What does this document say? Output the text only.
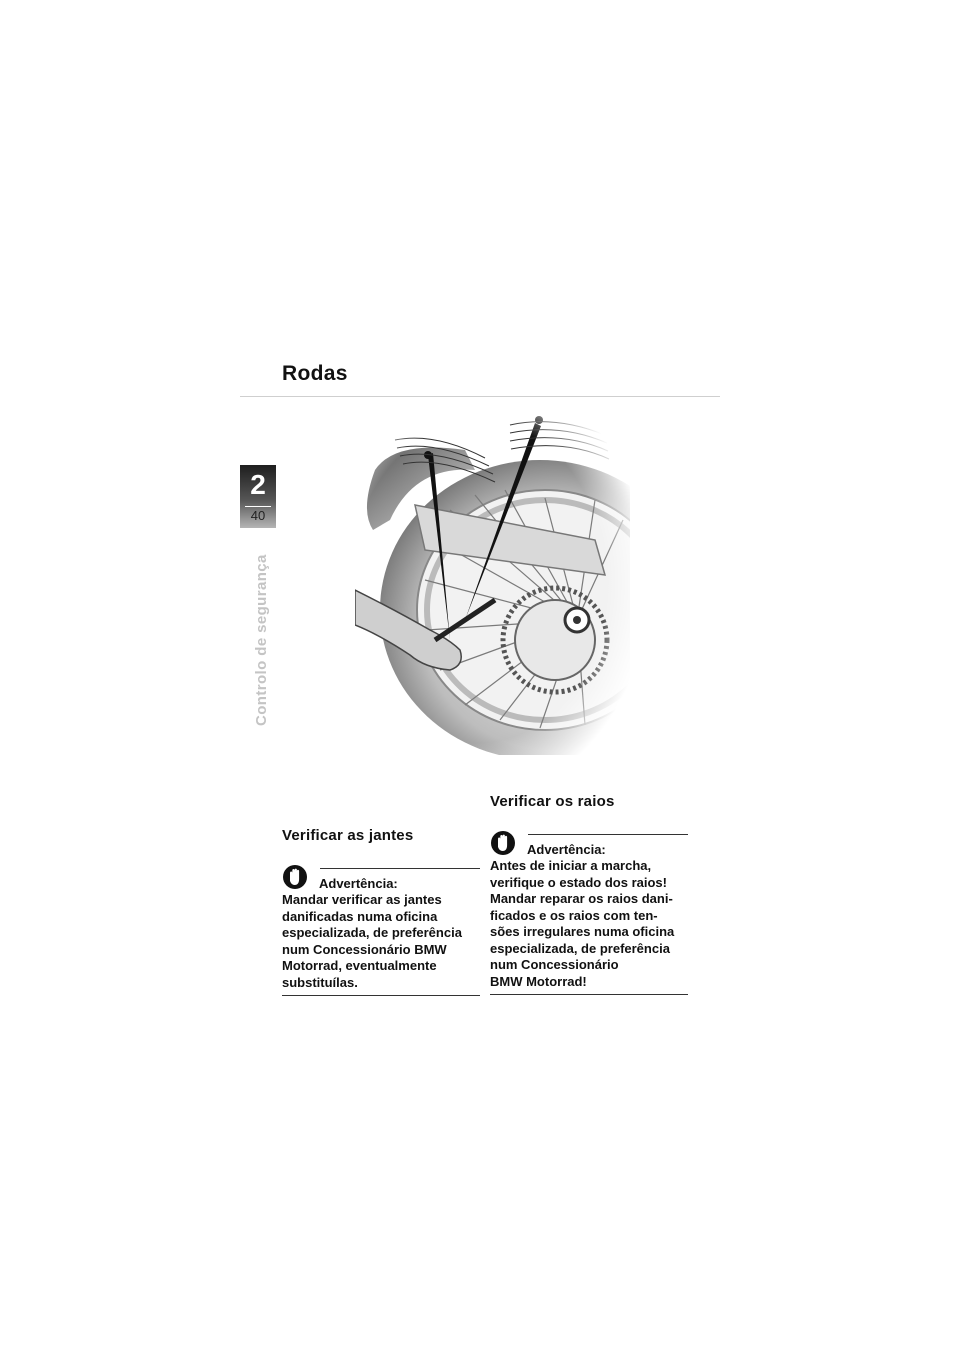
Rodas
2
40
Controlo de segurança
Verificar as jantes
Advertência:

Mandar verificar as jantes
danificadas numa oficina
especializada, de preferência
num Concessionário BMW
Motorrad, eventualmente
substituílas.

Verificar os raios
Advertência:

Antes de iniciar a marcha,
verifique o estado dos raios!
Mandar reparar os raios dani-
ficados e os raios com ten-
sões irregulares numa oficina
especializada, de preferência
num Concessionário
BMW Motorrad!
